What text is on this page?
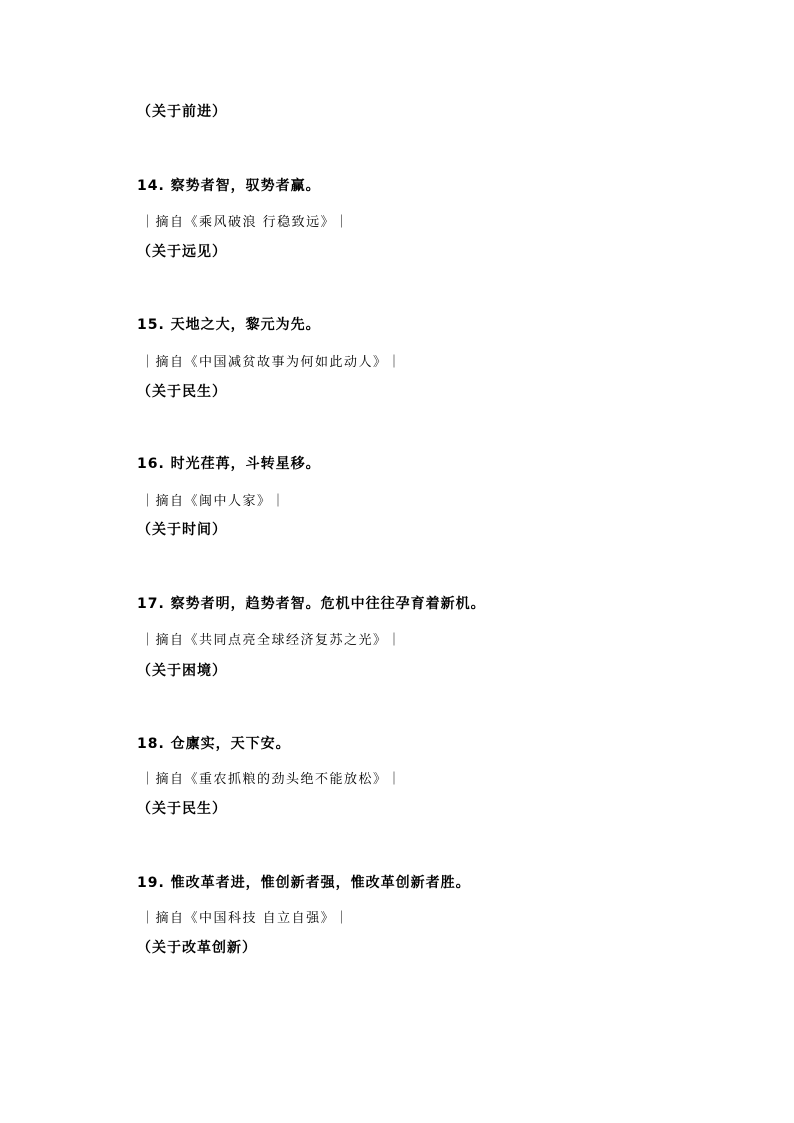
（关于前进）
14. 察势者智，驭势者赢。
｜摘自《乘风破浪 行稳致远》｜
（关于远见）
15. 天地之大，黎元为先。
｜摘自《中国减贫故事为何如此动人》｜
（关于民生）
16. 时光荏苒，斗转星移。
｜摘自《闽中人家》｜
（关于时间）
17. 察势者明，趋势者智。危机中往往孕育着新机。
｜摘自《共同点亮全球经济复苏之光》｜
（关于困境）
18. 仓廪实，天下安。
｜摘自《重农抓粮的劲头绝不能放松》｜
（关于民生）
19. 惟改革者进，惟创新者强，惟改革创新者胜。
｜摘自《中国科技 自立自强》｜
（关于改革创新）
